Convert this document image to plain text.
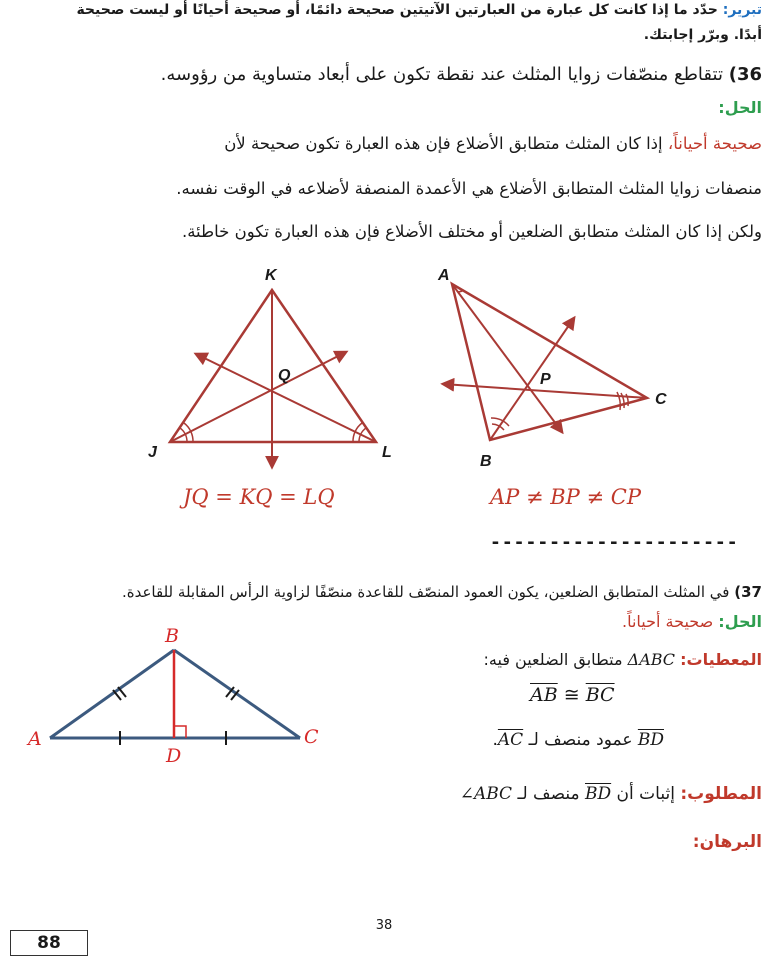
تبرير: حدّد ما إذا كانت كل عبارة من العبارتين الآتيتين صحيحة دائمًا، أو صحيحة أحيانًا أو ليست صحيحة
أبدًا. وبرّر إجابتك.
36) تتقاطع منصّفات زوايا المثلث عند نقطة تكون على أبعاد متساوية من رؤوسه.
الحل:
صحيحة أحياناً، إذا كان المثلث متطابق الأضلاع فإن هذه العبارة تكون صحيحة لأن
منصفات زوايا المثلث المتطابق الأضلاع هي الأعمدة المنصفة لأضلاعه في الوقت نفسه.
ولكن إذا كان المثلث متطابق الضلعين أو مختلف الأضلاع فإن هذه العبارة تكون خاطئة.
K
J	L
Q
JQ = KQ = LQ
A
C
B
P
AP ≠ BP ≠ CP
---------------------
37) في المثلث المتطابق الضلعين، يكون العمود المنصّف للقاعدة منصّفًا لزاوية الرأس المقابلة للقاعدة.
الحل: صحيحة أحياناً.
المعطيات: ΔABC متطابق الضلعين فيه:
$\overline{AB}$ ≅ $\overline{BC}$
$\overline{BD}$ عمود منصف لـ $\overline{AC}$.
المطلوب: إثبات أن $\overline{BD}$ منصف لـ ∠ABC
البرهان:
A
B
C
D
38
88
